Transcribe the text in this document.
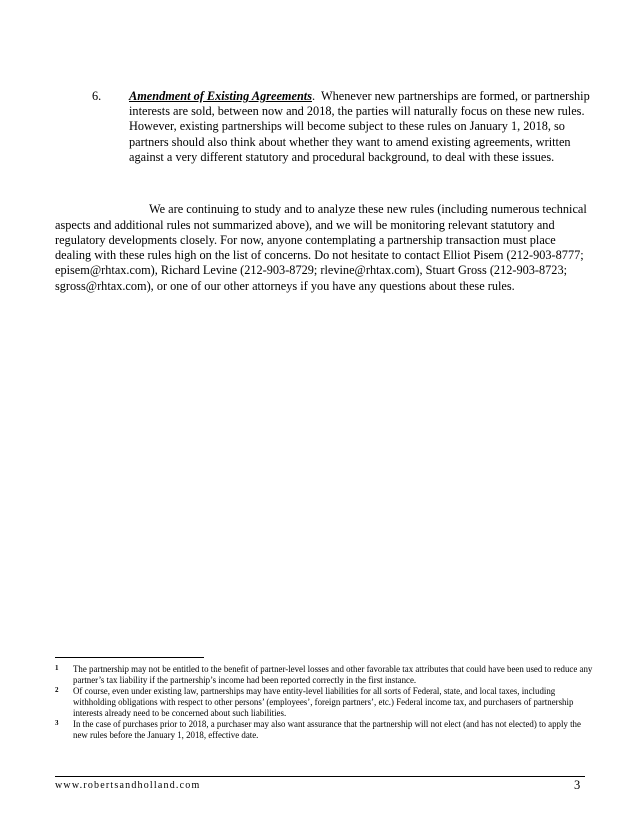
6. Amendment of Existing Agreements. Whenever new partnerships are formed, or partnership interests are sold, between now and 2018, the parties will naturally focus on these new rules. However, existing partnerships will become subject to these rules on January 1, 2018, so partners should also think about whether they want to amend existing agreements, written against a very different statutory and procedural background, to deal with these issues.

We are continuing to study and to analyze these new rules (including numerous technical aspects and additional rules not summarized above), and we will be monitoring relevant statutory and regulatory developments closely. For now, anyone contemplating a partnership transaction must place dealing with these rules high on the list of concerns. Do not hesitate to contact Elliot Pisem (212-903-8777; episem@rhtax.com), Richard Levine (212-903-8729; rlevine@rhtax.com), Stuart Gross (212-903-8723; sgross@rhtax.com), or one of our other attorneys if you have any questions about these rules.

1 The partnership may not be entitled to the benefit of partner-level losses and other favorable tax attributes that could have been used to reduce any partner’s tax liability if the partnership’s income had been reported correctly in the first instance.
2 Of course, even under existing law, partnerships may have entity-level liabilities for all sorts of Federal, state, and local taxes, including withholding obligations with respect to other persons’ (employees’, foreign partners’, etc.) Federal income tax, and purchasers of partnership interests already need to be concerned about such liabilities.
3 In the case of purchases prior to 2018, a purchaser may also want assurance that the partnership will not elect (and has not elected) to apply the new rules before the January 1, 2018, effective date.
www.robertsandholland.com	3
